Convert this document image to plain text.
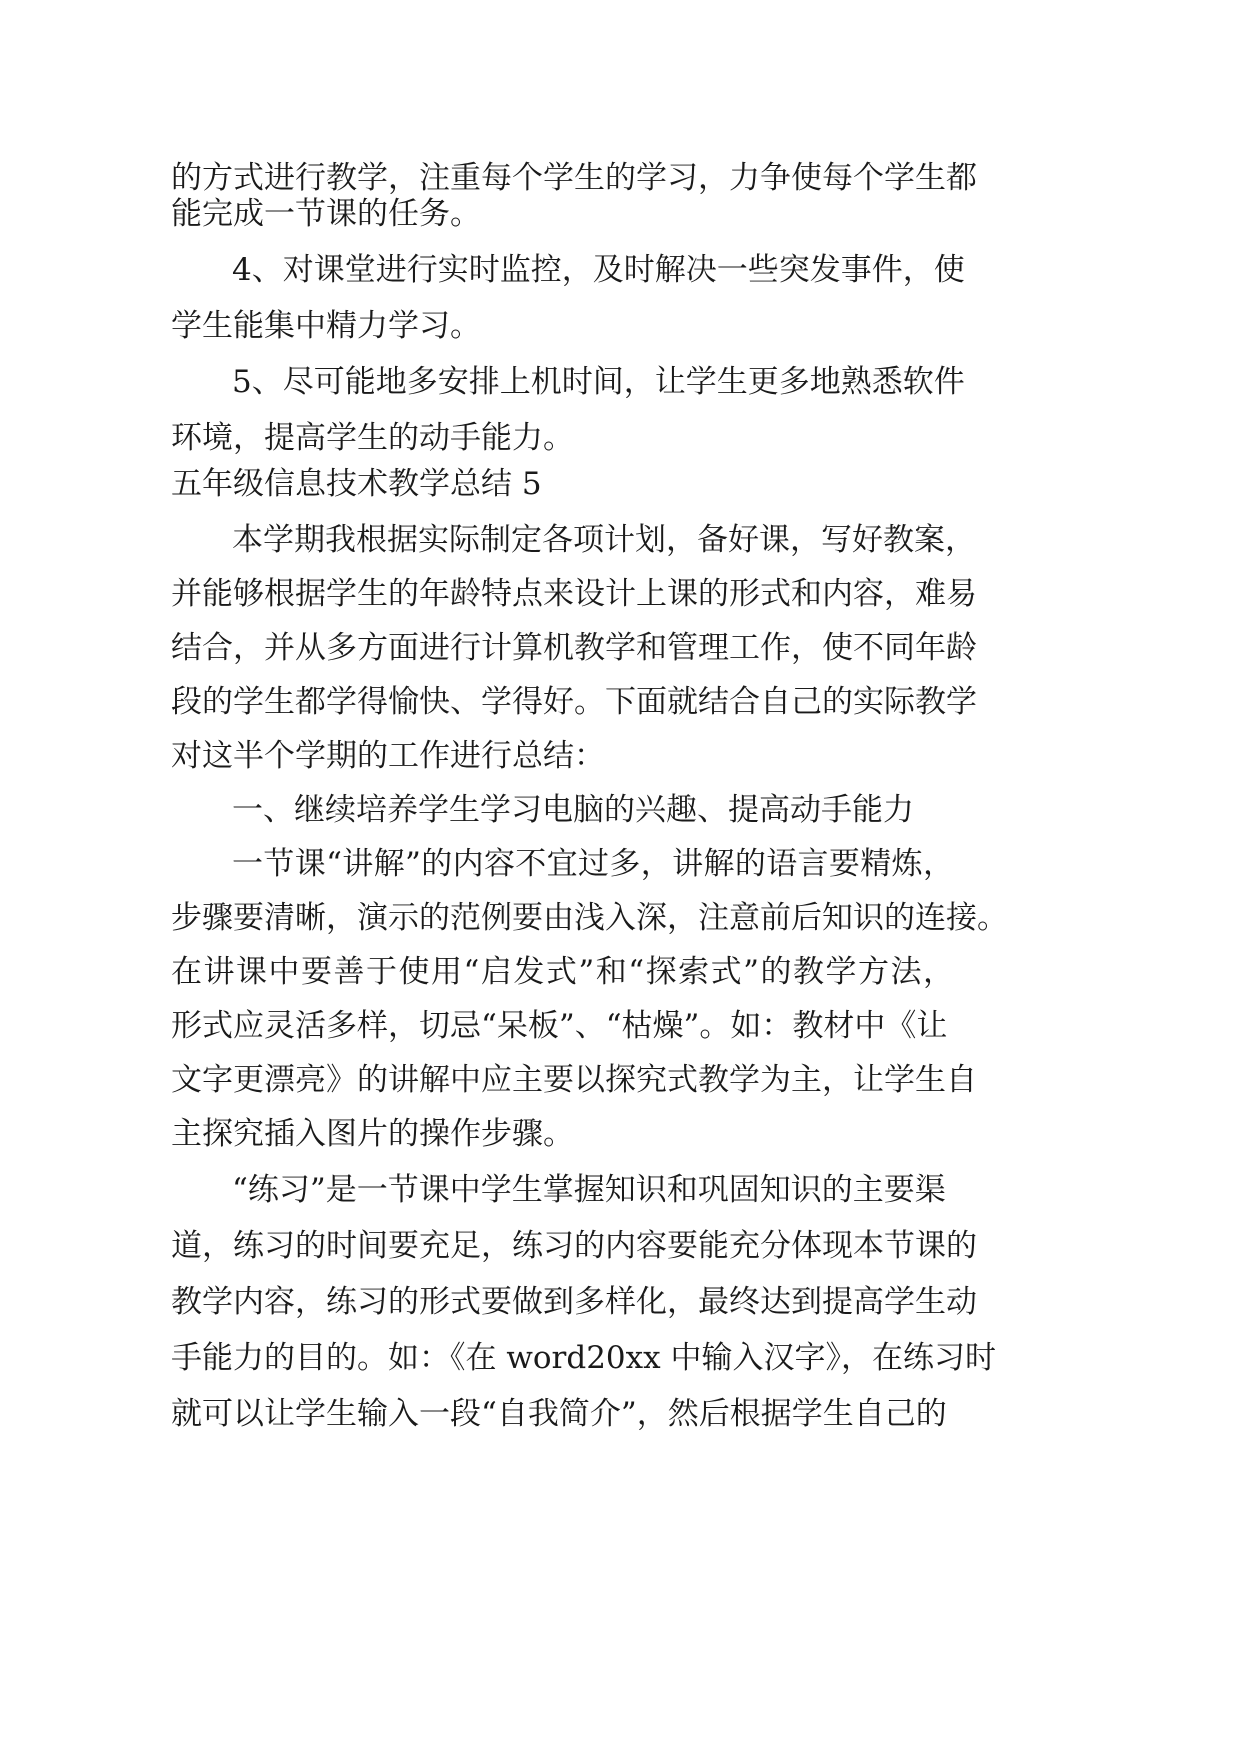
的方式进行教学，注重每个学生的学习，力争使每个学生都

能完成一节课的任务。

4、对课堂进行实时监控，及时解决一些突发事件，使

学生能集中精力学习。

5、尽可能地多安排上机时间，让学生更多地熟悉软件

环境，提高学生的动手能力。

五年级信息技术教学总结 5

本学期我根据实际制定各项计划，备好课，写好教案，

并能够根据学生的年龄特点来设计上课的形式和内容，难易

结合，并从多方面进行计算机教学和管理工作，使不同年龄

段的学生都学得愉快、学得好。下面就结合自己的实际教学

对这半个学期的工作进行总结：

一、继续培养学生学习电脑的兴趣、提高动手能力

一节课“讲解”的内容不宜过多，讲解的语言要精炼，

步骤要清晰，演示的范例要由浅入深，注意前后知识的连接。

在讲课中要善于使用“启发式”和“探索式”的教学方法，

形式应灵活多样，切忌“呆板”、“枯燥”。如：教材中《让

文字更漂亮》的讲解中应主要以探究式教学为主，让学生自

主探究插入图片的操作步骤。

“练习”是一节课中学生掌握知识和巩固知识的主要渠

道，练习的时间要充足，练习的内容要能充分体现本节课的

教学内容，练习的形式要做到多样化，最终达到提高学生动

手能力的目的。如：《在 word20xx 中输入汉字》，在练习时

就可以让学生输入一段“自我简介”，然后根据学生自己的
